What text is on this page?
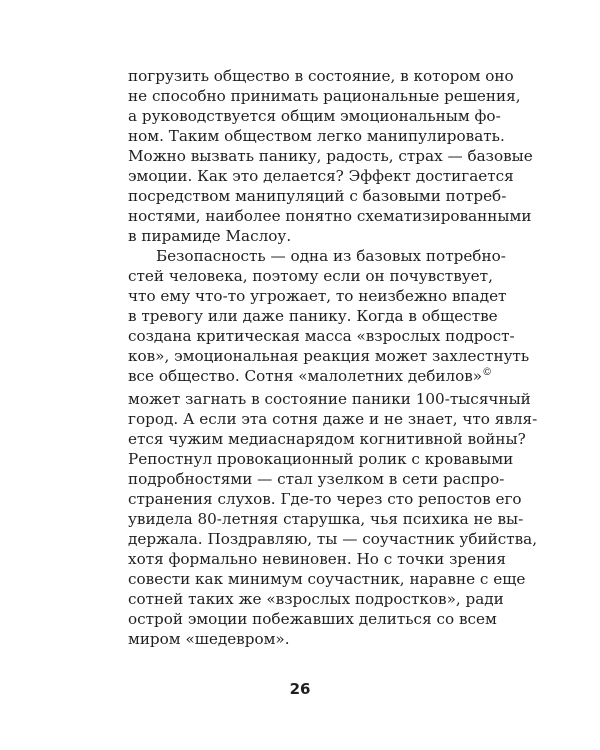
погрузить общество в состояние, в котором оно
не способно принимать рациональные решения,
а руководствуется общим эмоциональным фо-
ном. Таким обществом легко манипулировать.
Можно вызвать панику, радость, страх — базовые
эмоции. Как это делается? Эффект достигается
посредством манипуляций с базовыми потреб-
ностями, наиболее понятно схематизированными
в пирамиде Маслоу.
Безопасность — одна из базовых потребно-
стей человека, поэтому если он почувствует,
что ему что-то угрожает, то неизбежно впадет
в тревогу или даже панику. Когда в обществе
создана критическая масса «взрослых подрост-
ков», эмоциональная реакция может захлестнуть
все общество. Сотня «малолетних дебилов»©
может загнать в состояние паники 100-тысячный
город. А если эта сотня даже и не знает, что явля-
ется чужим медиаснарядом когнитивной войны?
Репостнул провокационный ролик с кровавыми
подробностями — стал узелком в сети распро-
странения слухов. Где-то через сто репостов его
увидела 80-летняя старушка, чья психика не вы-
держала. Поздравляю, ты — соучастник убийства,
хотя формально невиновен. Но с точки зрения
совести как минимум соучастник, наравне с еще
сотней таких же «взрослых подростков», ради
острой эмоции побежавших делиться со всем
миром «шедевром».
26
